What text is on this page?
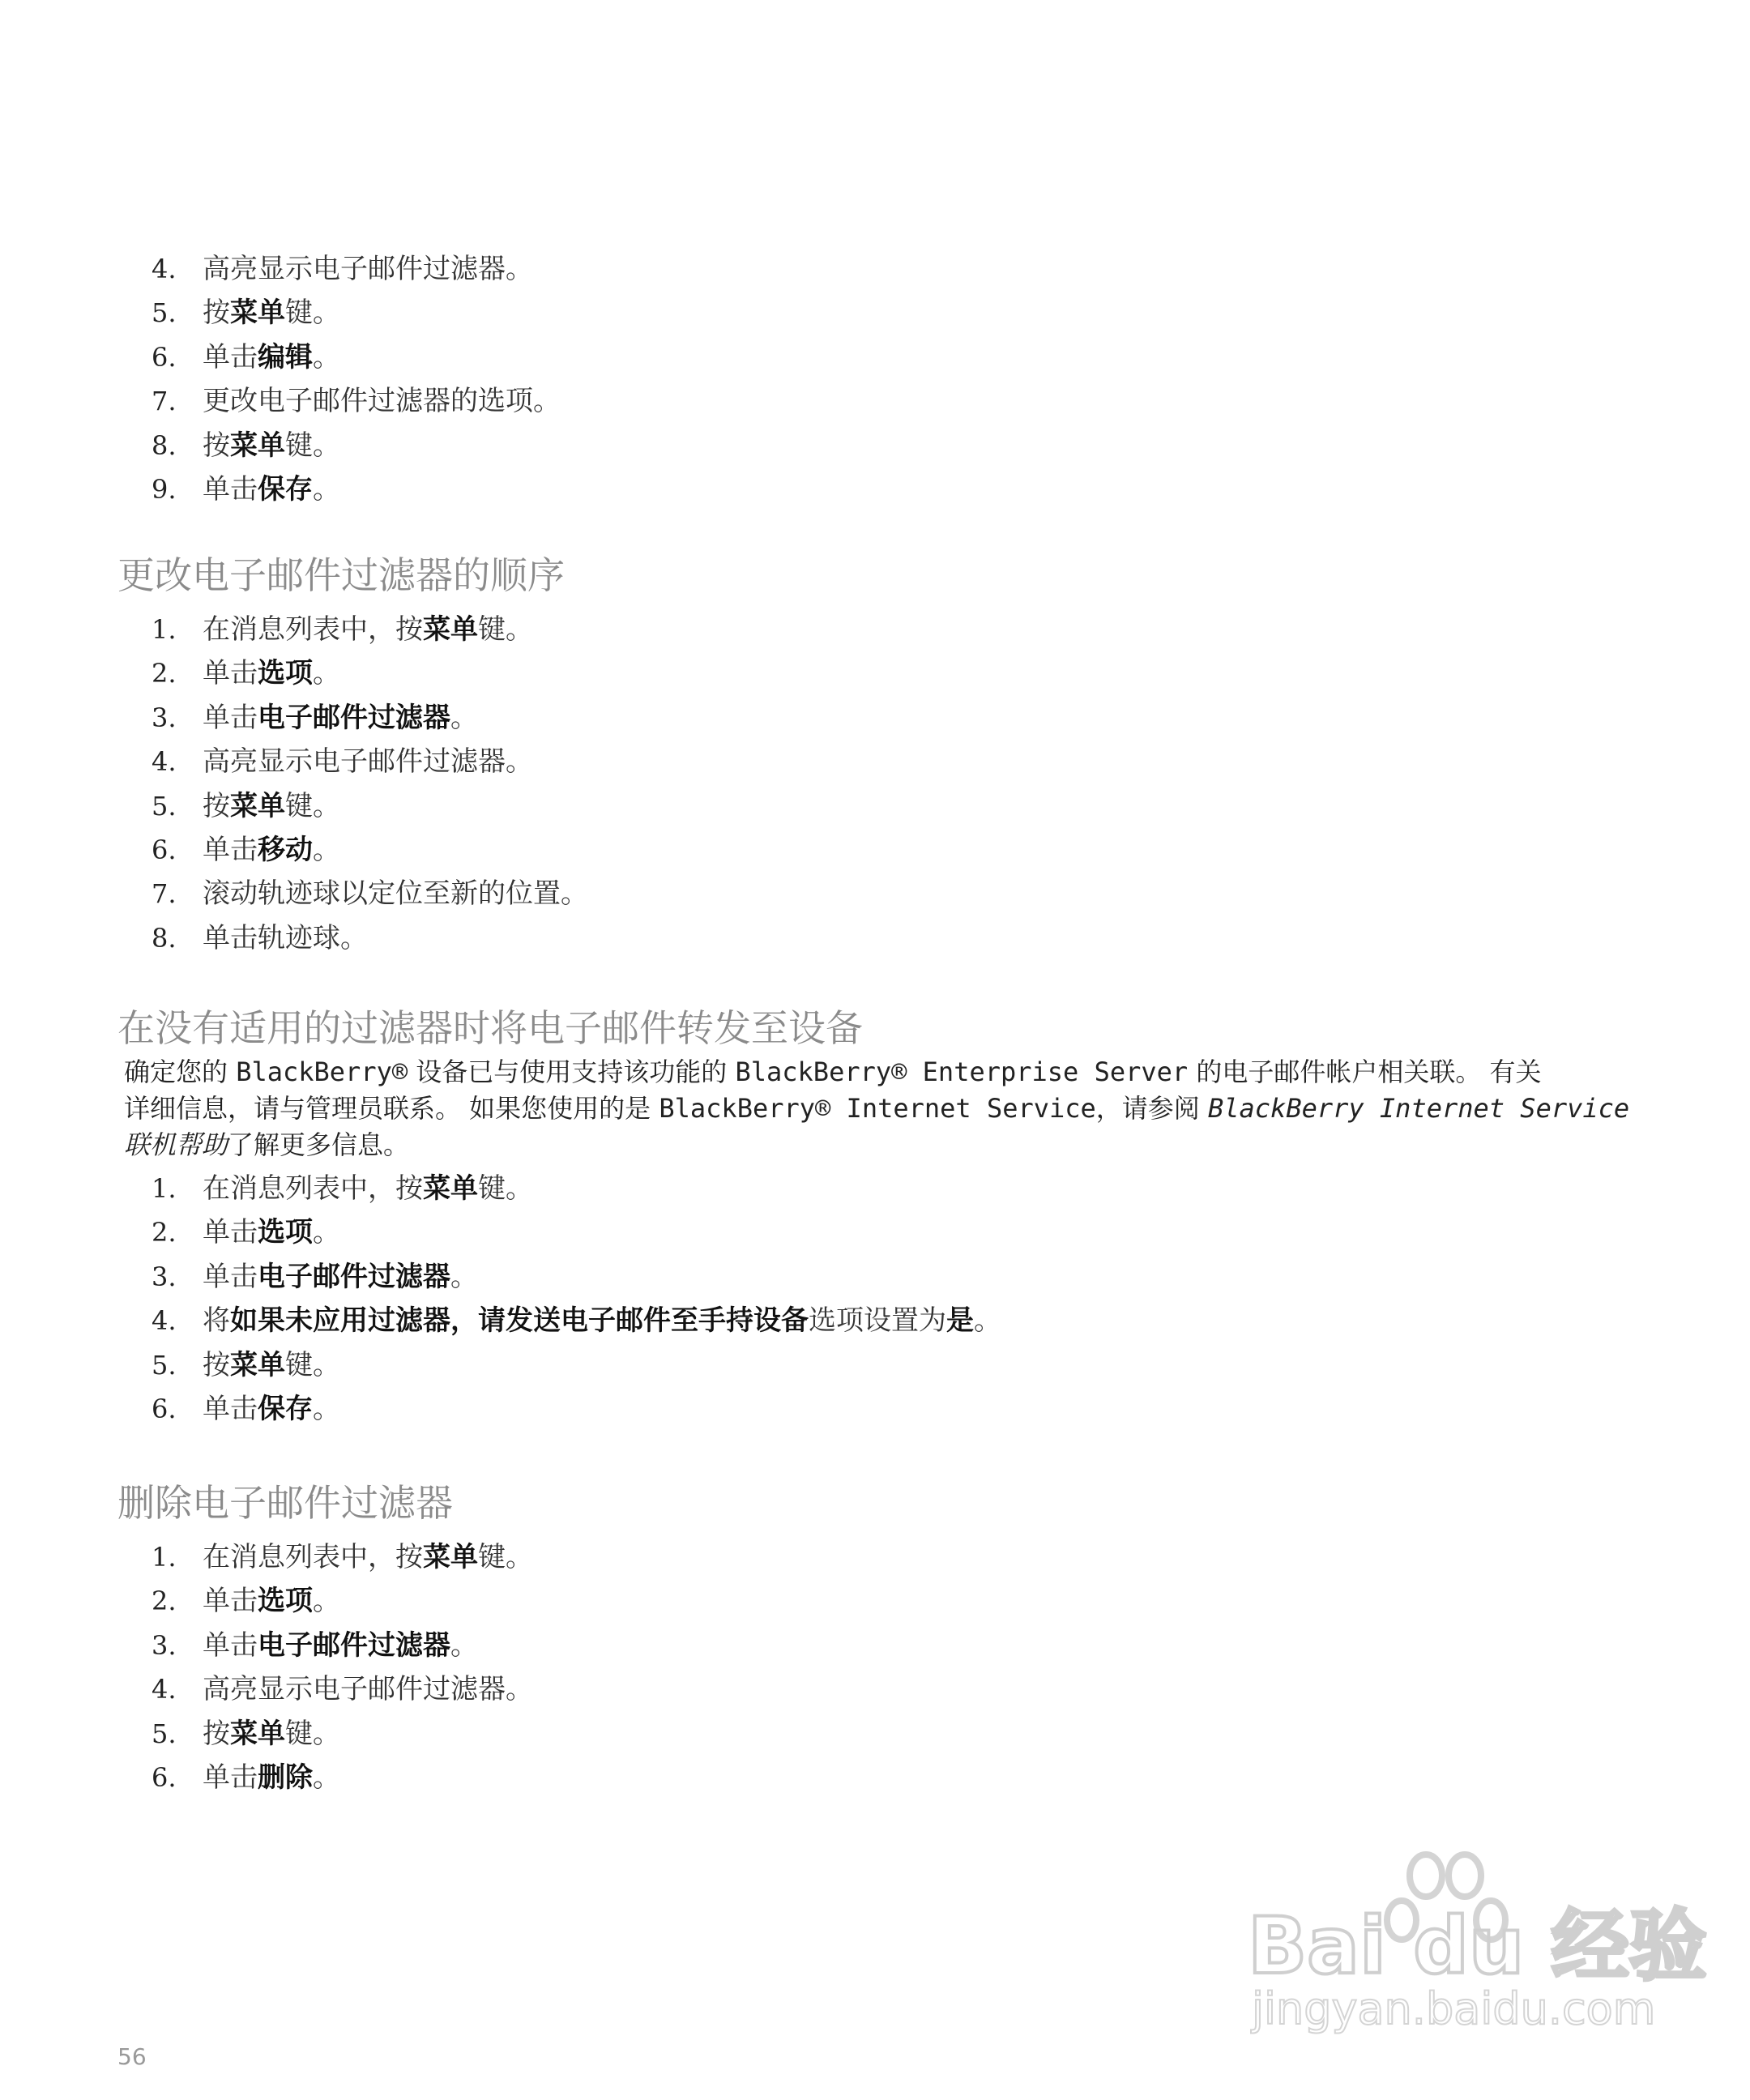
4. 高亮显示电子邮件过滤器。
5. 按菜单键。
6. 单击编辑。
7. 更改电子邮件过滤器的选项。
8. 按菜单键。
9. 单击保存。
更改电子邮件过滤器的顺序
1. 在消息列表中，按菜单键。
2. 单击选项。
3. 单击电子邮件过滤器。
4. 高亮显示电子邮件过滤器。
5. 按菜单键。
6. 单击移动。
7. 滚动轨迹球以定位至新的位置。
8. 单击轨迹球。
在没有适用的过滤器时将电子邮件转发至设备
确定您的 BlackBerry® 设备已与使用支持该功能的 BlackBerry® Enterprise Server 的电子邮件帐户相关联。 有关
详细信息，请与管理员联系。 如果您使用的是 BlackBerry® Internet Service，请参阅 BlackBerry Internet Service
联机帮助了解更多信息。
1. 在消息列表中，按菜单键。
2. 单击选项。
3. 单击电子邮件过滤器。
4. 将如果未应用过滤器，请发送电子邮件至手持设备选项设置为是。
5. 按菜单键。
6. 单击保存。
删除电子邮件过滤器
1. 在消息列表中，按菜单键。
2. 单击选项。
3. 单击电子邮件过滤器。
4. 高亮显示电子邮件过滤器。
5. 按菜单键。
6. 单击删除。
56
Bai du 经验
jingyan.baidu.com
